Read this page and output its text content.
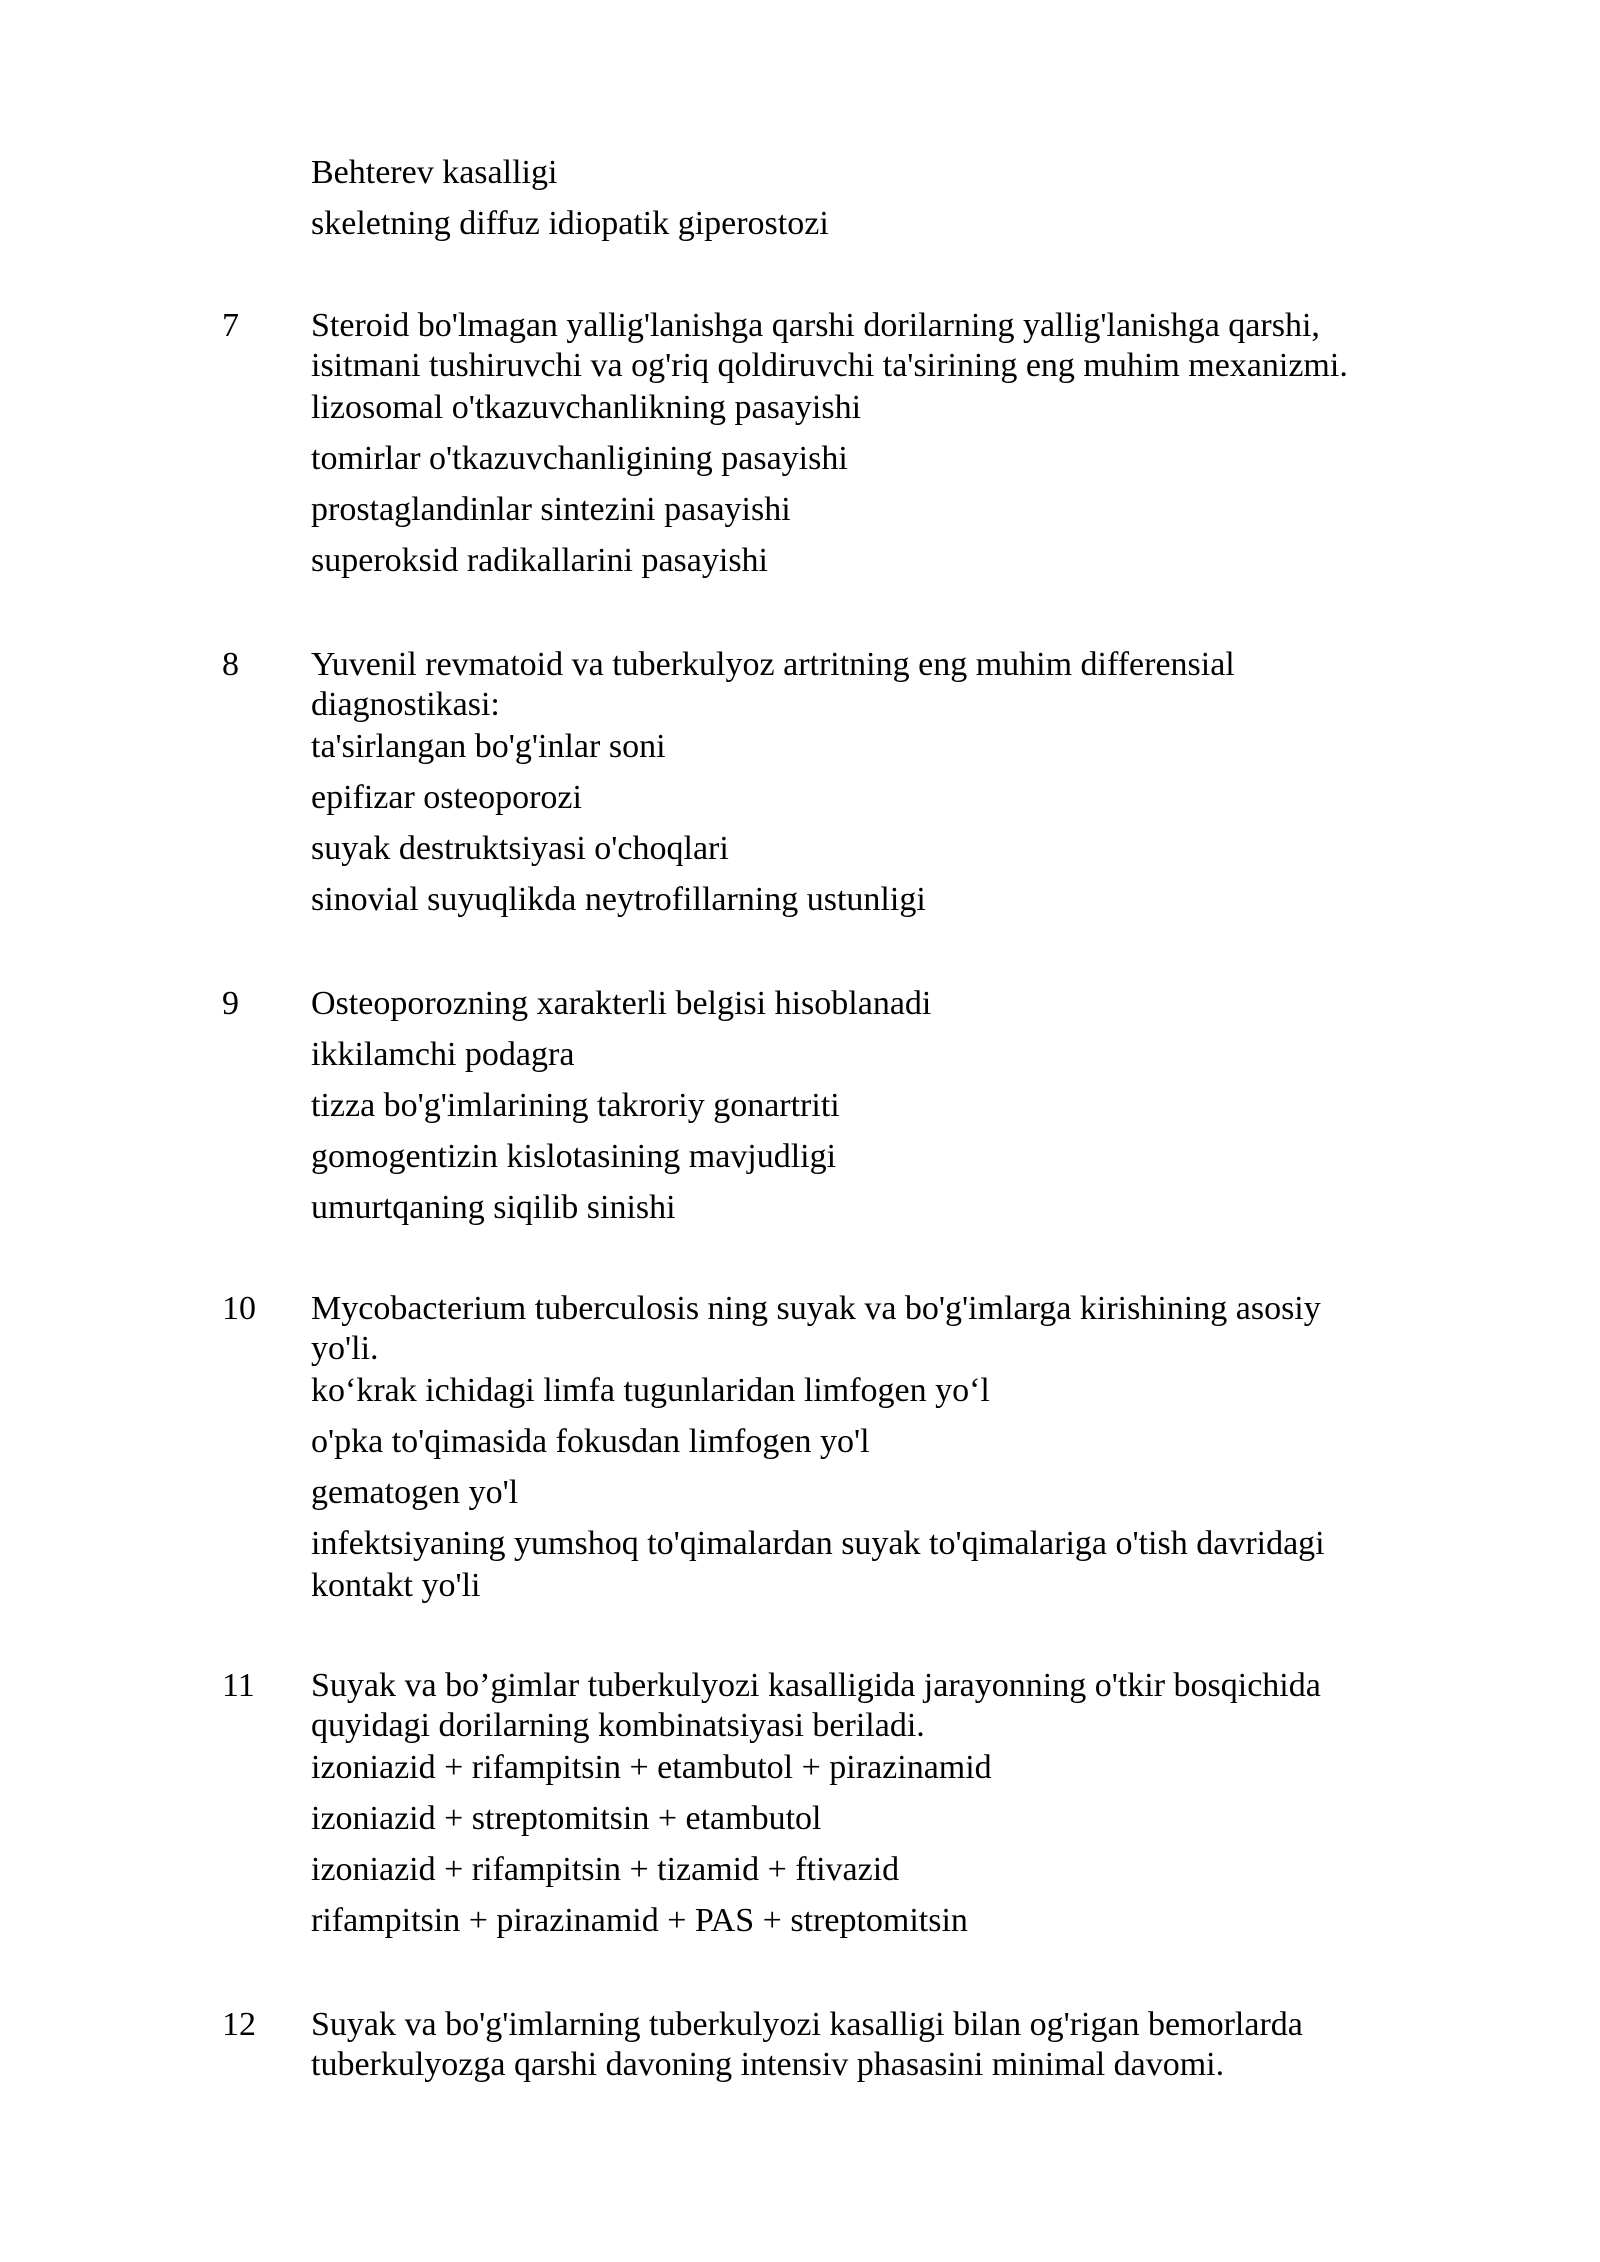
Behterev kasalligi
skeletning diffuz idiopatik giperostozi
7	Steroid bo'lmagan yallig'lanishga qarshi dorilarning yallig'lanishga qarshi,
isitmani tushiruvchi va og'riq qoldiruvchi ta'sirining eng muhim mexanizmi.
lizosomal o'tkazuvchanlikning pasayishi
tomirlar o'tkazuvchanligining pasayishi
prostaglandinlar sintezini pasayishi
superoksid radikallarini pasayishi
8	Yuvenil revmatoid va tuberkulyoz artritning eng muhim differensial
diagnostikasi:
ta'sirlangan bo'g'inlar soni
epifizar osteoporozi
suyak destruktsiyasi o'choqlari
sinovial suyuqlikda neytrofillarning ustunligi
9	Osteoporozning xarakterli belgisi hisoblanadi
ikkilamchi podagra
tizza bo'g'imlarining takroriy gonartriti
gomogentizin kislotasining mavjudligi
umurtqaning siqilib sinishi
10	Mycobacterium tuberculosis ning suyak va bo'g'imlarga kirishining asosiy
yo'li.
ko‘krak ichidagi limfa tugunlaridan limfogen yo‘l
o'pka to'qimasida fokusdan limfogen yo'l
gematogen yo'l
infektsiyaning yumshoq to'qimalardan suyak to'qimalariga o'tish davridagi
kontakt yo'li
11	Suyak va bo’gimlar tuberkulyozi kasalligida jarayonning o'tkir bosqichida
quyidagi dorilarning kombinatsiyasi beriladi.
izoniazid + rifampitsin + etambutol + pirazinamid
izoniazid + streptomitsin + etambutol
izoniazid + rifampitsin + tizamid + ftivazid
rifampitsin + pirazinamid + PAS + streptomitsin
12	Suyak va bo'g'imlarning tuberkulyozi kasalligi bilan og'rigan bemorlarda
tuberkulyozga qarshi davoning intensiv phasasini minimal davomi.
